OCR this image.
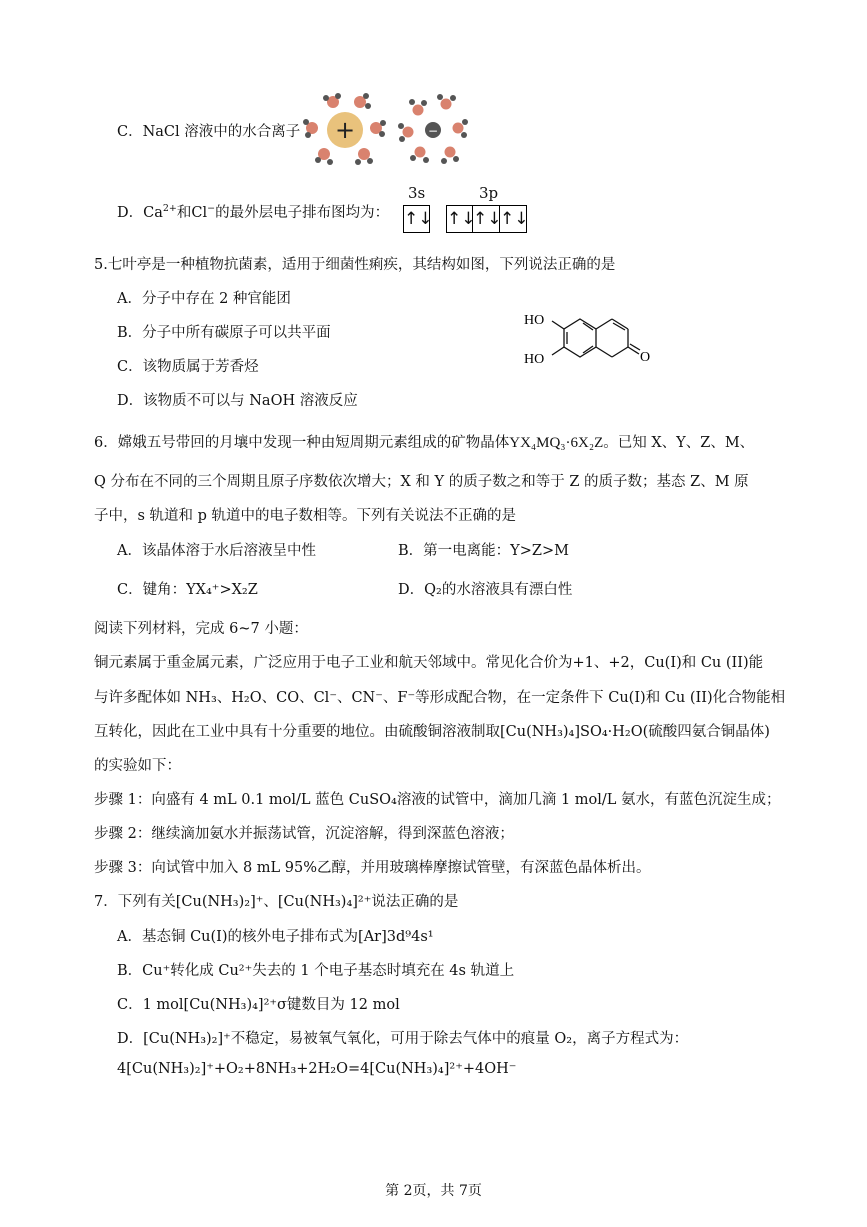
C．NaCl 溶液中的水合离子 +	−
D．$Ca^{2+}$和Cl−的最外层电子排布图均为：
3s	3p
↑↓ ↑↓
↑↓
↑↓
5.七叶亭是一种植物抗菌素，适用于细菌性痢疾，其结构如图，下列说法正确的是
A．分子中存在 2 种官能团
B．分子中所有碳原子可以共平面
C．该物质属于芳香烃
D．该物质不可以与 NaOH 溶液反应
HO
HO	O
6．嫦娥五号带回的月壤中发现一种由短周期元素组成的矿物晶体YX₄MQ₃·6X₂Z。已知 X、Y、Z、M、
Q 分布在不同的三个周期且原子序数依次增大；X 和 Y 的质子数之和等于 Z 的质子数；基态 Z、M 原
子中，s 轨道和 p 轨道中的电子数相等。下列有关说法不正确的是
A．该晶体溶于水后溶液呈中性	B．第一电离能：Y>Z>M
C．键角：YX₄⁺>X₂Z	D．Q₂的水溶液具有漂白性
阅读下列材料，完成 6~7 小题：
铜元素属于重金属元素，广泛应用于电子工业和航天邻域中。常见化合价为+1、+2，Cu(I)和 Cu (II)能
与许多配体如 NH₃、H₂O、CO、Cl⁻、CN⁻、F⁻等形成配合物，在一定条件下 Cu(I)和 Cu (II)化合物能相
互转化，因此在工业中具有十分重要的地位。由硫酸铜溶液制取[Cu(NH₃)₄]SO₄·H₂O(硫酸四氨合铜晶体)
的实验如下：
步骤 1：向盛有 4 mL 0.1 mol/L 蓝色 CuSO₄溶液的试管中，滴加几滴 1 mol/L 氨水，有蓝色沉淀生成；
步骤 2：继续滴加氨水并振荡试管，沉淀溶解，得到深蓝色溶液；
步骤 3：向试管中加入 8 mL 95%乙醇，并用玻璃棒摩擦试管壁，有深蓝色晶体析出。
7．下列有关[Cu(NH₃)₂]⁺、[Cu(NH₃)₄]²⁺说法正确的是
A．基态铜 Cu(I)的核外电子排布式为[Ar]3d⁹4s¹
B．Cu⁺转化成 Cu²⁺失去的 1 个电子基态时填充在 4s 轨道上
C．1 mol[Cu(NH₃)₄]²⁺σ键数目为 12 mol
D．[Cu(NH₃)₂]⁺不稳定，易被氧气氧化，可用于除去气体中的痕量 O₂，离子方程式为：
4[Cu(NH₃)₂]⁺+O₂+8NH₃+2H₂O=4[Cu(NH₃)₄]²⁺+4OH⁻
第 2页，共 7页
